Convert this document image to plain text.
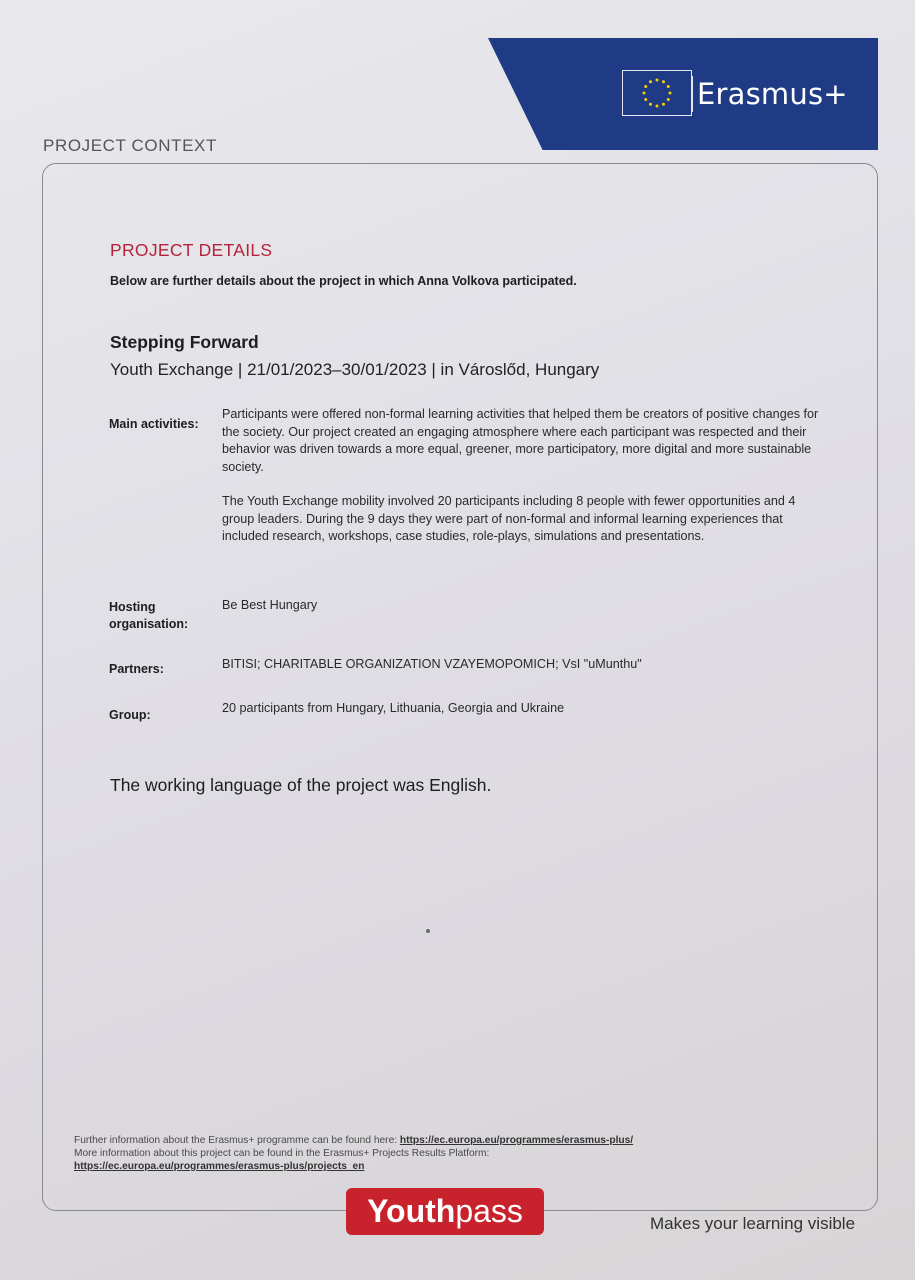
Erasmus+
PROJECT CONTEXT
PROJECT DETAILS
Below are further details about the project in which Anna Volkova participated.
Stepping Forward
Youth Exchange | 21/01/2023–30/01/2023 | in Városlőd, Hungary
Main activities:
Participants were offered non-formal learning activities that helped them be creators of positive changes for the society. Our project created an engaging atmosphere where each participant was respected and their behavior was driven towards a more equal, greener, more participatory, more digital and more sustainable society.
The Youth Exchange mobility involved 20 participants including 8 people with fewer opportunities and 4 group leaders. During the 9 days they were part of non-formal and informal learning experiences that included research, workshops, case studies, role-plays, simulations and presentations.
Hosting
organisation:
Be Best Hungary
Partners:	BITISI; CHARITABLE ORGANIZATION VZAYEMOPOMICH; VsI "uMunthu"
Group:	20 participants from Hungary, Lithuania, Georgia and Ukraine
The working language of the project was English.
Further information about the Erasmus+ programme can be found here: https://ec.europa.eu/programmes/erasmus-plus/
More information about this project can be found in the Erasmus+ Projects Results Platform:
https://ec.europa.eu/programmes/erasmus-plus/projects_en
Youth pass	Makes your learning visible
